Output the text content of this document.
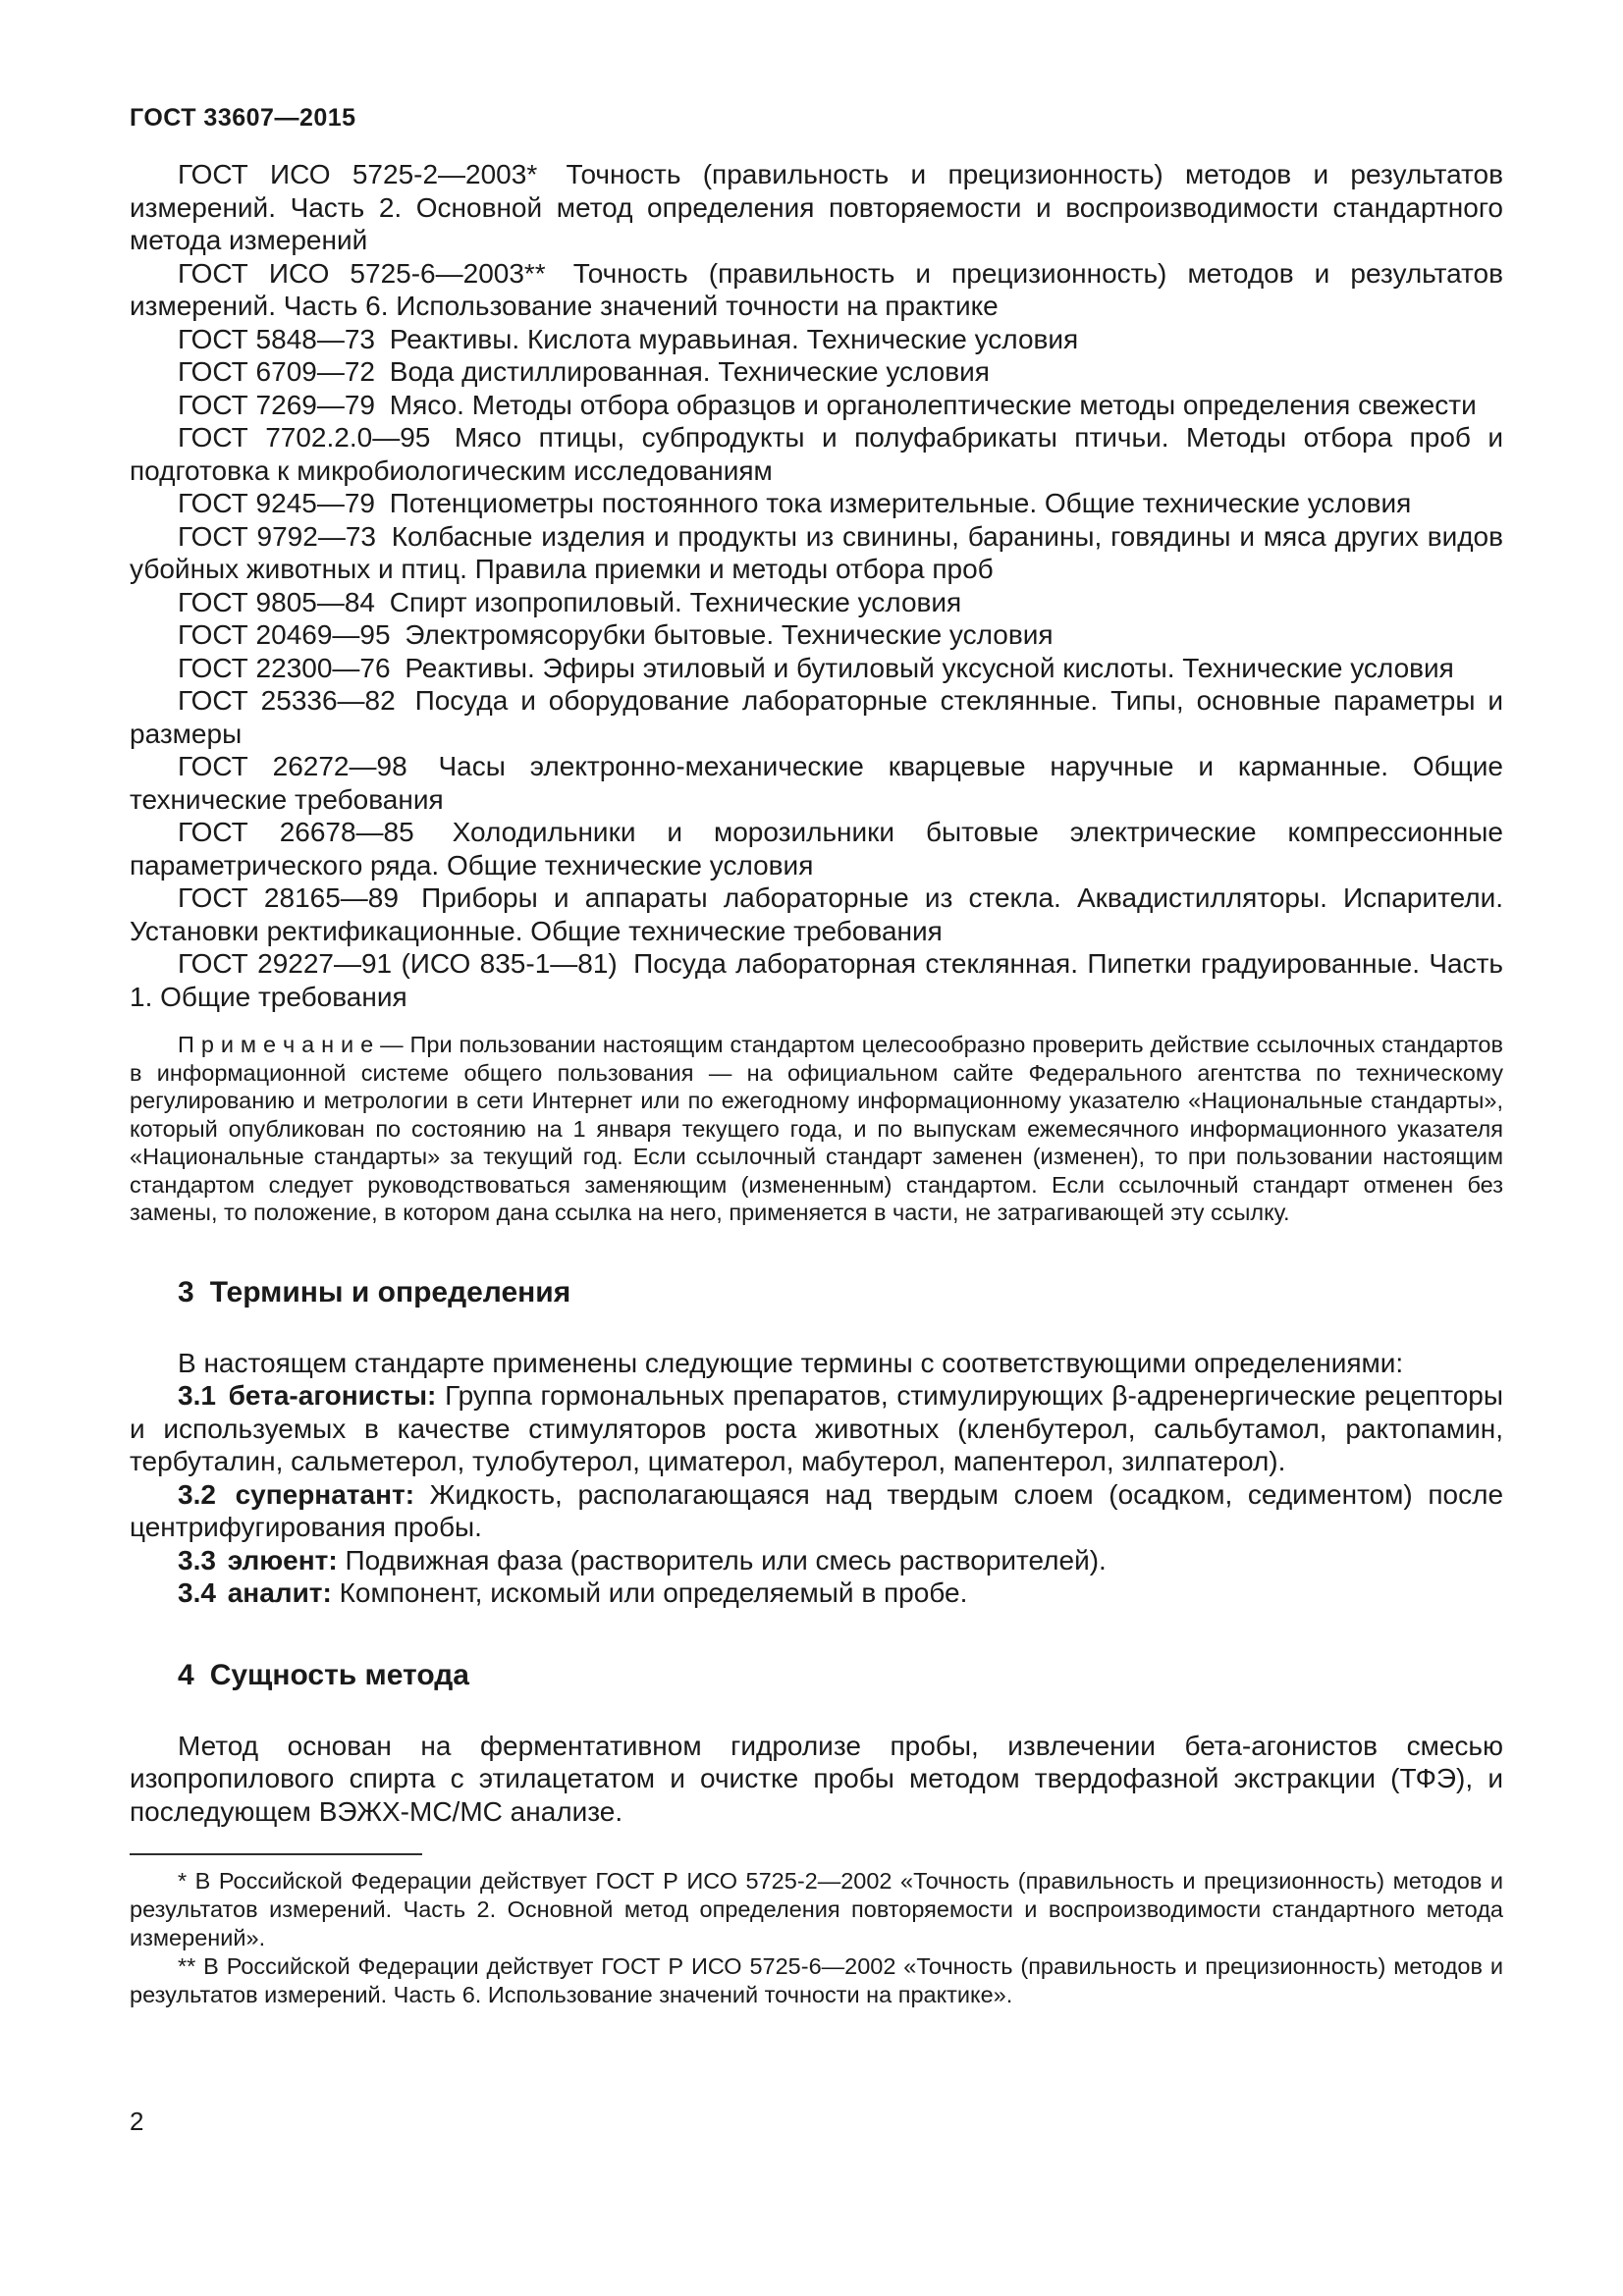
ГОСТ 33607—2015

ГОСТ ИСО 5725-2—2003* Точность (правильность и прецизионность) методов и результатов измерений. Часть 2. Основной метод определения повторяемости и воспроизводимости стандартного метода измерений

ГОСТ ИСО 5725-6—2003** Точность (правильность и прецизионность) методов и результатов измерений. Часть 6. Использование значений точности на практике

ГОСТ 5848—73 Реактивы. Кислота муравьиная. Технические условия

ГОСТ 6709—72 Вода дистиллированная. Технические условия

ГОСТ 7269—79 Мясо. Методы отбора образцов и органолептические методы определения свежести

ГОСТ 7702.2.0—95 Мясо птицы, субпродукты и полуфабрикаты птичьи. Методы отбора проб и подготовка к микробиологическим исследованиям

ГОСТ 9245—79 Потенциометры постоянного тока измерительные. Общие технические условия

ГОСТ 9792—73 Колбасные изделия и продукты из свинины, баранины, говядины и мяса других видов убойных животных и птиц. Правила приемки и методы отбора проб

ГОСТ 9805—84 Спирт изопропиловый. Технические условия

ГОСТ 20469—95 Электромясорубки бытовые. Технические условия

ГОСТ 22300—76 Реактивы. Эфиры этиловый и бутиловый уксусной кислоты. Технические условия

ГОСТ 25336—82 Посуда и оборудование лабораторные стеклянные. Типы, основные параметры и размеры

ГОСТ 26272—98 Часы электронно-механические кварцевые наручные и карманные. Общие технические требования

ГОСТ 26678—85 Холодильники и морозильники бытовые электрические компрессионные параметрического ряда. Общие технические условия

ГОСТ 28165—89 Приборы и аппараты лабораторные из стекла. Аквадистилляторы. Испарители. Установки ректификационные. Общие технические требования

ГОСТ 29227—91 (ИСО 835-1—81) Посуда лабораторная стеклянная. Пипетки градуированные. Часть 1. Общие требования

П р и м е ч а н и е — При пользовании настоящим стандартом целесообразно проверить действие ссылочных стандартов в информационной системе общего пользования — на официальном сайте Федерального агентства по техническому регулированию и метрологии в сети Интернет или по ежегодному информационному указателю «Национальные стандарты», который опубликован по состоянию на 1 января текущего года, и по выпускам ежемесячного информационного указателя «Национальные стандарты» за текущий год. Если ссылочный стандарт заменен (изменен), то при пользовании настоящим стандартом следует руководствоваться заменяющим (измененным) стандартом. Если ссылочный стандарт отменен без замены, то положение, в котором дана ссылка на него, применяется в части, не затрагивающей эту ссылку.

3 Термины и определения

В настоящем стандарте применены следующие термины с соответствующими определениями:

3.1 бета-агонисты: Группа гормональных препаратов, стимулирующих β-адренергические рецепторы и используемых в качестве стимуляторов роста животных (кленбутерол, сальбутамол, рактопамин, тербуталин, сальметерол, тулобутерол, циматерол, мабутерол, мапентерол, зилпатерол).

3.2 супернатант: Жидкость, располагающаяся над твердым слоем (осадком, седиментом) после центрифугирования пробы.

3.3 элюент: Подвижная фаза (растворитель или смесь растворителей).

3.4 аналит: Компонент, искомый или определяемый в пробе.

4 Сущность метода

Метод основан на ферментативном гидролизе пробы, извлечении бета-агонистов смесью изопропилового спирта с этилацетатом и очистке пробы методом твердофазной экстракции (ТФЭ), и последующем ВЭЖХ-МС/МС анализе.

* В Российской Федерации действует ГОСТ Р ИСО 5725-2—2002 «Точность (правильность и прецизионность) методов и результатов измерений. Часть 2. Основной метод определения повторяемости и воспроизводимости стандартного метода измерений».

** В Российской Федерации действует ГОСТ Р ИСО 5725-6—2002 «Точность (правильность и прецизионность) методов и результатов измерений. Часть 6. Использование значений точности на практике».

2
